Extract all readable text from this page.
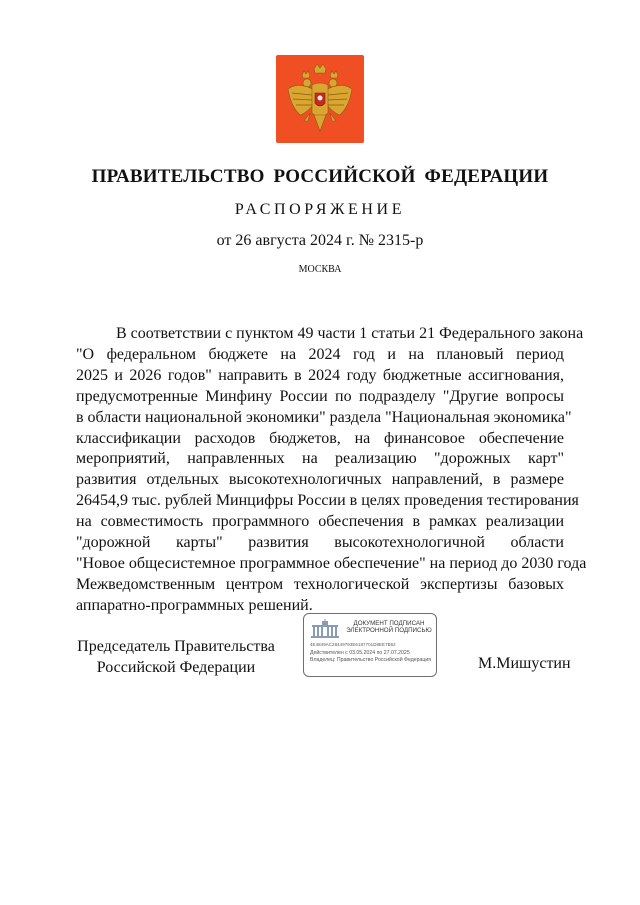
ПРАВИТЕЛЬСТВО РОССИЙСКОЙ ФЕДЕРАЦИИ
РАСПОРЯЖЕНИЕ
от 26 августа 2024 г. № 2315-р
МОСКВА
В соответствии с пунктом 49 части 1 статьи 21 Федерального закона
"О федеральном бюджете на 2024 год и на плановый период
2025 и 2026 годов" направить в 2024 году бюджетные ассигнования,
предусмотренные Минфину России по подразделу "Другие вопросы
в области национальной экономики" раздела "Национальная экономика"
классификации расходов бюджетов, на финансовое обеспечение
мероприятий, направленных на реализацию "дорожных карт"
развития отдельных высокотехнологичных направлений, в размере
26454,9 тыс. рублей Минцифры России в целях проведения тестирования
на совместимость программного обеспечения в рамках реализации
"дорожной карты" развития высокотехнологичной области
"Новое общесистемное программное обеспечение" на период до 2030 года
Межведомственным центром технологической экспертизы базовых
аппаратно-программных решений.
Председатель Правительства
Российской Федерации
ДОКУМЕНТ ПОДПИСАН
ЭЛЕКТРОННОЙ ПОДПИСЬЮ
4E4849AC28449793E6187701D8EE7B62
Действителен с 03.05.2024 по 27.07.2025
Владелец: Правительство Российской Федерация	М.Мишустин
